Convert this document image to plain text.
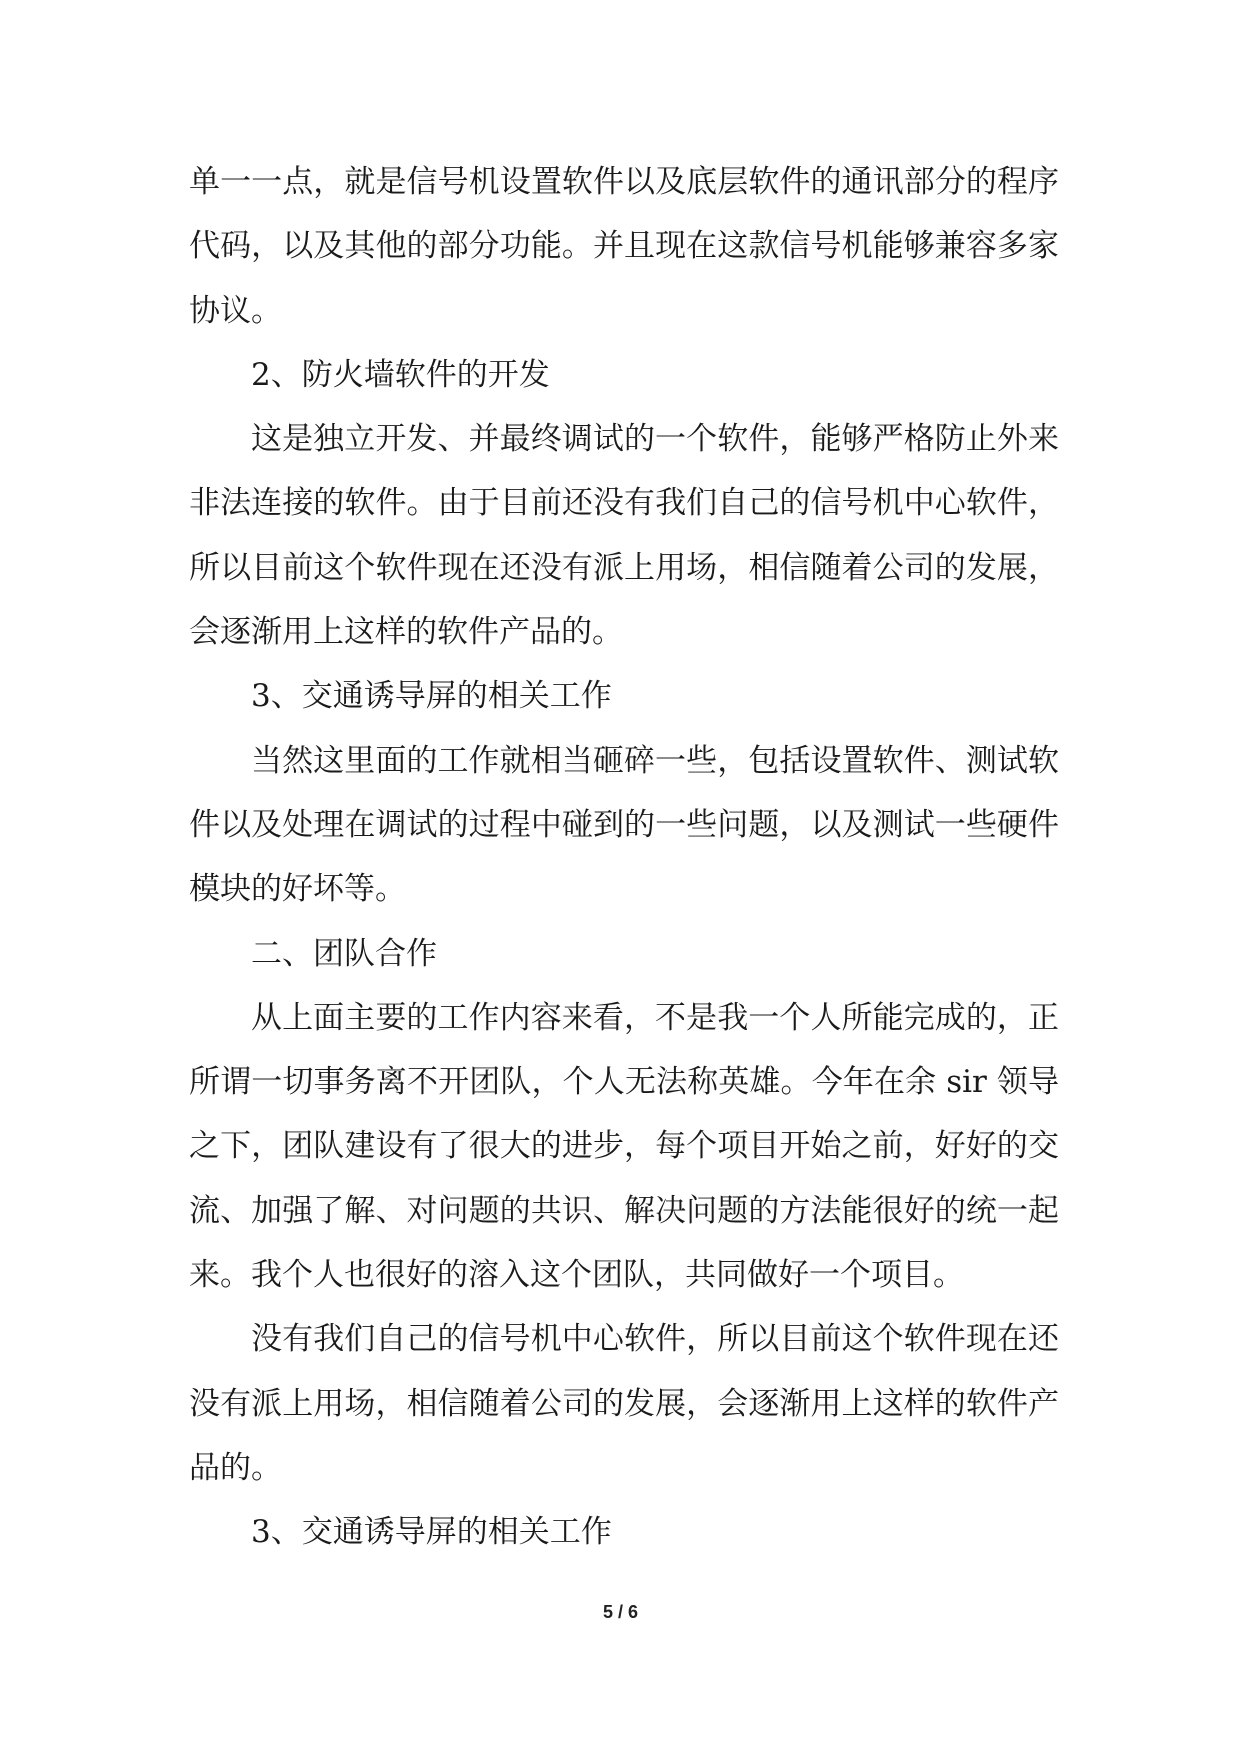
单一一点，就是信号机设置软件以及底层软件的通讯部分的程序代码，以及其他的部分功能。并且现在这款信号机能够兼容多家协议。

2、防火墙软件的开发

这是独立开发、并最终调试的一个软件，能够严格防止外来非法连接的软件。由于目前还没有我们自己的信号机中心软件，所以目前这个软件现在还没有派上用场，相信随着公司的发展，会逐渐用上这样的软件产品的。

3、交通诱导屏的相关工作

当然这里面的工作就相当砸碎一些，包括设置软件、测试软件以及处理在调试的过程中碰到的一些问题，以及测试一些硬件模块的好坏等。

二、团队合作

从上面主要的工作内容来看，不是我一个人所能完成的，正所谓一切事务离不开团队，个人无法称英雄。今年在余 sir 领导之下，团队建设有了很大的进步，每个项目开始之前，好好的交流、加强了解、对问题的共识、解决问题的方法能很好的统一起来。我个人也很好的溶入这个团队，共同做好一个项目。

没有我们自己的信号机中心软件，所以目前这个软件现在还没有派上用场，相信随着公司的发展，会逐渐用上这样的软件产品的。

3、交通诱导屏的相关工作

5 / 6
